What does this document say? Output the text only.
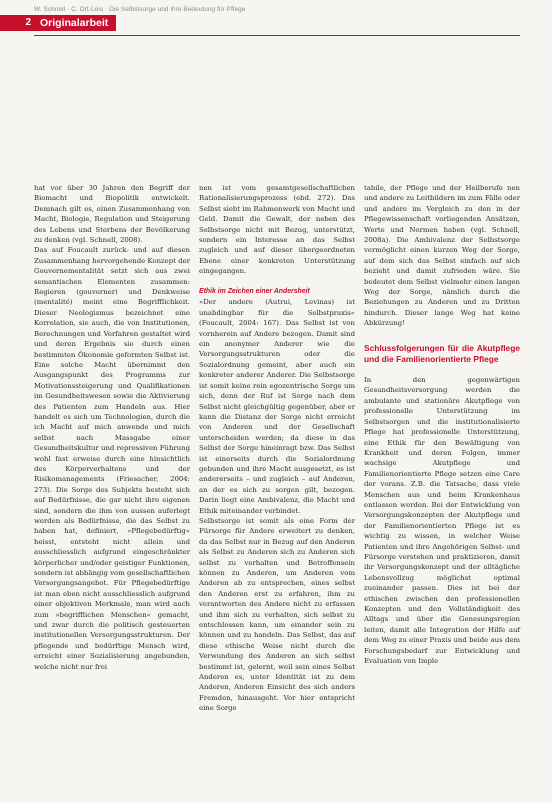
W. Schnell · C. Ort-Leis · Die Selbstsorge und ihre Bedeutung für Pflege
2 Originalarbeit

hat vor über 30 Jahren den Begriff der Biomacht und Biopolitik entwickelt. Demnach gilt es, einen Zusammenhang von Macht, Biologie, Regulation und Steigerung des Lebens und Sterbens der Bevölkerung zu denken (vgl. Schnell, 2008).

Das auf Foucault zurück- und auf diesen Zusammenhang hervorgehende Konzept der Gouvernementalität setzt sich aus zwei semantischen Elementen zusammen: Regieren (gouverner) und Denkweise (mentalité) meint eine Begrifflichkeit. Dieser Neologismus bezeichnet eine Korrelation, sie auch, die von Institutionen, Berechnungen und Verfahren gestaltet wird und deren Ergebnis sie durch einen bestimmten Ökonomie geformten Selbst ist. Eine solche Macht übernimmt den Ausgangspunkt des Programms zur Motivationssteigerung und Qualifikationen im Gesundheitswesen sowie die Aktivierung des Patienten zum Handeln aus. Hier handelt es sich um Technologien, durch die ich Macht auf mich anwende und mich selbst nach Massgabe einer Gesundheitskultur und repressiven Führung wohl fast erweise durch eine hinsichtlich des Körperverhaltens und der Risikomanagements (Friesacher, 2004: 273). Die Sorge des Subjekts besteht sich auf Bedürfnisse, die gar nicht ihre eigenen sind, sondern die ihm von aussen auferlegt werden als Bedürfnisse, die das Selbst zu haben hat, definiert, »Pflegebedürftig« heisst, entsteht nicht allein und ausschliesslich aufgrund eingeschränkter körperlicher und/oder geistiger Funktionen, sondern ist abhängig vom gesellschaftlichen Versorgungsangebot. Für Pflegebedürftige ist man eben nicht ausschliesslich aufgrund einer objektiven Merkmale, man wird auch zum »begrifflichen Menschen« gemacht, und zwar durch die politisch gesteuerten institutionellen Versorgungsstrukturen. Der pflegende und bedürftige Mensch wird, erreicht einer Sozialisierung angebunden, welche nicht nur frei

nen ist vom gesamtgesellschaftlichen Rationalisierungsprozess (ebd. 272). Das Selbst sieht im Rahmenwerk von Macht und Geld. Damit die Gewalt, der neben des Selbstsorge nicht mit Bezug, unterstützt, sondern ein Interesse an das Selbst zugleich und auf dieser übergeordneten Ebene einer konkreten Unterstützung eingegangen.

Ethik im Zeichen einer Andersheit

»Der andere (Autrui, Levinas) ist unabdingbar für die Selbstpraxis« (Foucault, 2004: 167). Das Selbst ist von vornherein auf Andere bezogen. Damit sind ein anonymer Anderer wie die Versorgungsstrukturen oder die Sozialordnung gemeint, aber auch ein konkreter anderer Anderer. Die Selbstsorge ist somit keine rein egozentrische Sorge um sich, denn der Ruf ist Sorge nach dem Selbst nicht gleichgültig gegenüber, aber er kann die Distanz der Sorge nicht erreicht von Anderen und der Gesellschaft unterscheiden werden; da diese in das Selbst der Sorge hineinragt bzw. Das Selbst ist einerseits durch die Sozialordnung gebunden und ihre Macht ausgesetzt, es ist andererseits – und zugleich – auf Anderen, an der es sich zu sorgen gilt, bezogen. Darin liegt eine Ambivalenz, die Macht und Ethik miteinander verbindet.

Selbstsorge ist somit als eine Form der Fürsorge für Andere erweitert zu denken, da das Selbst nur in Bezug auf den Anderen als Selbst zu Anderen sich zu Anderen sich selbst zu verhalten und Betroffensein können zu Anderen, um Anderen vom Anderen ab zu entsprechen, eines selbst den Anderen erst zu erfahren, ihm zu verantworten des Andere nicht zu erfassen und ihm sich zu verhalten, sich selbst zu entschlossen kann, um einander sein zu können und zu handeln. Das Selbst, das auf diese ethische Weise nicht durch die Verwundung des Anderen an sich selbst bestimmt ist, gelernt, weil sein eines Selbst Anderen es, unter Identität ist zu dem Anderen, Anderen Einsicht des sich anders Fremden, hinausgeht. Vor hier entspricht eine Sorge

tabile, der Pflege und der Heilberufe nen und andere zu Leitbildern im zum Fälle oder und andere im Vergleich zu den in der Pflegewissenschaft vorliegenden Ansätzen, Werte und Normen haben (vgl. Schnell, 2008a). Die Ambivalenz der Selbstsorge vermöglicht einen kurzen Weg der Sorge, auf dem sich das Selbst einfach auf sich bezieht und damit zufrieden wäre. Sie bedeutet dem Selbst vielmehr einen langen Weg der Sorge, nämlich durch die Beziehungen zu Anderen und zu Dritten hindurch. Dieser lange Weg hat keine Abkürzung!

Schlussfolgerungen für die Akutpflege und die Familienorientierte Pflege

In den gegenwärtigen Gesundheitsversorgung werden die ambulante und stationäre Akutpflege von professionelle Unterstützung im Selbstsorgen und die institutionalisierte Pflege hat professionelle Unterstützung, eine Ethik für den Bewältigung von Krankheit und deren Folgen, immer wachsige Akutpflege und Familienorientierte Pflege setzen eine Care der vorans. Z.B. die Tatsache, dass viele Menschen aus und beim Krankenhaus entlassen werden. Bei der Entwicklung von Versorgungskonzepten der Akutpflege und der Familienorientierten Pflege ist es wichtig zu wissen, in welcher Weise Patienten und ihre Angehörigen Selbst- und Fürsorge verstehen und praktizieren, damit ihr Versorgungskonzept und der alltägliche Lebensvollzug möglichst optimal zueinander passen. Dies ist bei der ethischen zwischen den professionellen Konzepten und den Vollständigkeit des Alltags und über die Genesungsregion leiten, damit alle Integration der Hilfe auf dem Weg zu einer Praxis und beide aus dem Forschungsbedarf zur Entwicklung und Evaluation von Imple
